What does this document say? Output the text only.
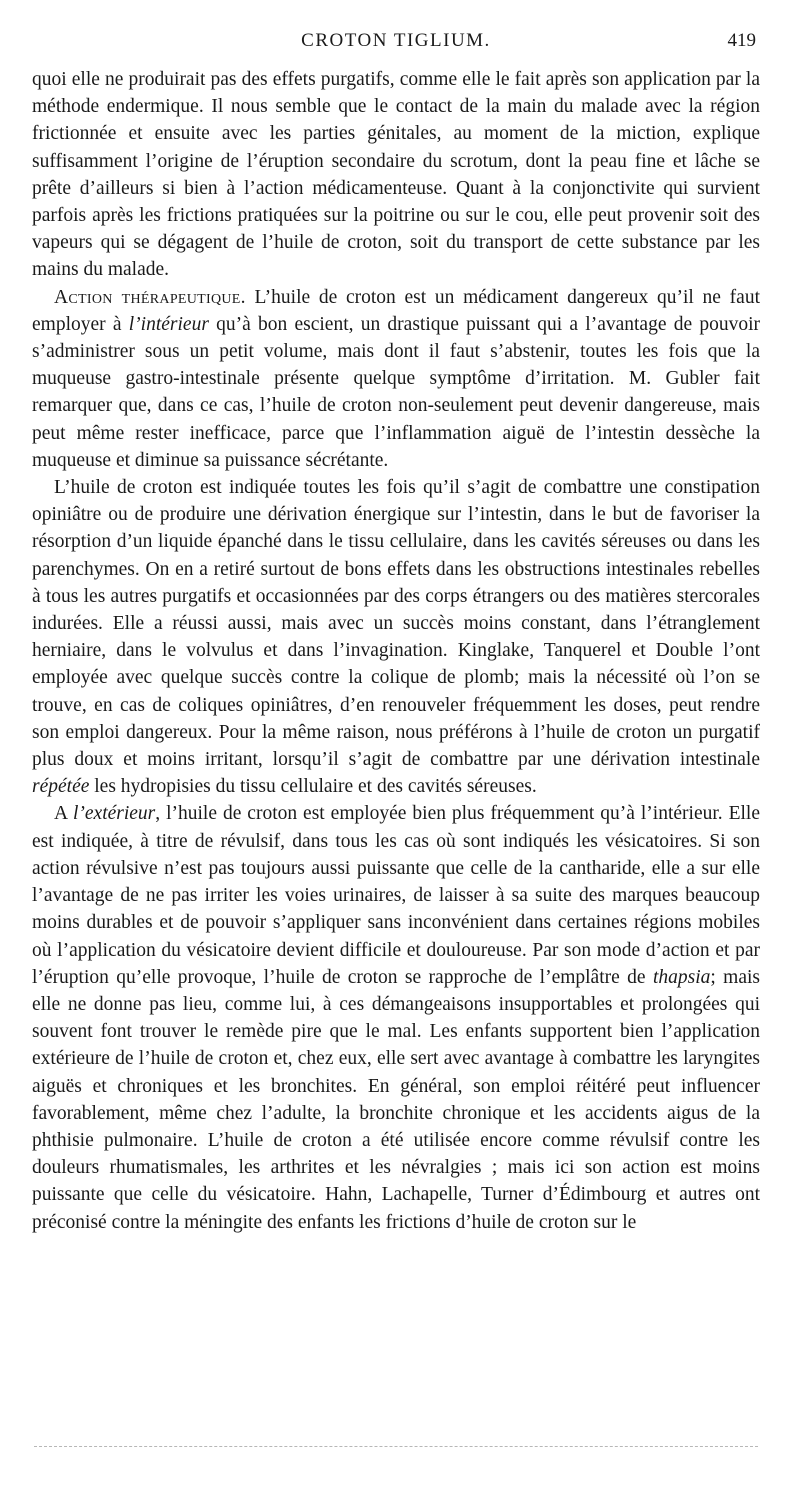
CROTON TIGLIUM.	419

quoi elle ne produirait pas des effets purgatifs, comme elle le fait après son application par la méthode endermique. Il nous semble que le contact de la main du malade avec la région frictionnée et ensuite avec les parties génitales, au moment de la miction, explique suffisamment l’origine de l’éruption secondaire du scrotum, dont la peau fine et lâche se prête d’ailleurs si bien à l’action médicamenteuse. Quant à la conjonctivite qui survient parfois après les frictions pratiquées sur la poitrine ou sur le cou, elle peut provenir soit des vapeurs qui se dégagent de l’huile de croton, soit du transport de cette substance par les mains du malade.

Action thérapeutique. L’huile de croton est un médicament dangereux qu’il ne faut employer à l’intérieur qu’à bon escient, un drastique puissant qui a l’avantage de pouvoir s’administrer sous un petit volume, mais dont il faut s’abstenir, toutes les fois que la muqueuse gastro-intestinale présente quelque symptôme d’irritation. M. Gubler fait remarquer que, dans ce cas, l’huile de croton non-seulement peut devenir dangereuse, mais peut même rester inefficace, parce que l’inflammation aiguë de l’intestin dessèche la muqueuse et diminue sa puissance sécrétante.

L’huile de croton est indiquée toutes les fois qu’il s’agit de combattre une constipation opiniâtre ou de produire une dérivation énergique sur l’intestin, dans le but de favoriser la résorption d’un liquide épanché dans le tissu cellulaire, dans les cavités séreuses ou dans les parenchymes. On en a retiré surtout de bons effets dans les obstructions intestinales rebelles à tous les autres purgatifs et occasionnées par des corps étrangers ou des matières stercorales indurées. Elle a réussi aussi, mais avec un succès moins constant, dans l’étranglement herniaire, dans le volvulus et dans l’invagination. Kinglake, Tanquerel et Double l’ont employée avec quelque succès contre la colique de plomb; mais la nécessité où l’on se trouve, en cas de coliques opiniâtres, d’en renouveler fréquemment les doses, peut rendre son emploi dangereux. Pour la même raison, nous préférons à l’huile de croton un purgatif plus doux et moins irritant, lorsqu’il s’agit de combattre par une dérivation intestinale répétée les hydropisies du tissu cellulaire et des cavités séreuses.

A l’extérieur, l’huile de croton est employée bien plus fréquemment qu’à l’intérieur. Elle est indiquée, à titre de révulsif, dans tous les cas où sont indiqués les vésicatoires. Si son action révulsive n’est pas toujours aussi puissante que celle de la cantharide, elle a sur elle l’avantage de ne pas irriter les voies urinaires, de laisser à sa suite des marques beaucoup moins durables et de pouvoir s’appliquer sans inconvénient dans certaines régions mobiles où l’application du vésicatoire devient difficile et douloureuse. Par son mode d’action et par l’éruption qu’elle provoque, l’huile de croton se rapproche de l’emplâtre de thapsia; mais elle ne donne pas lieu, comme lui, à ces démangeaisons insupportables et prolongées qui souvent font trouver le remède pire que le mal. Les enfants supportent bien l’application extérieure de l’huile de croton et, chez eux, elle sert avec avantage à combattre les laryngites aiguës et chroniques et les bronchites. En général, son emploi réitéré peut influencer favorablement, même chez l’adulte, la bronchite chronique et les accidents aigus de la phthisie pulmonaire. L’huile de croton a été utilisée encore comme révulsif contre les douleurs rhumatismales, les arthrites et les névralgies ; mais ici son action est moins puissante que celle du vésicatoire. Hahn, Lachapelle, Turner d’Édimbourg et autres ont préconisé contre la méningite des enfants les frictions d’huile de croton sur le
